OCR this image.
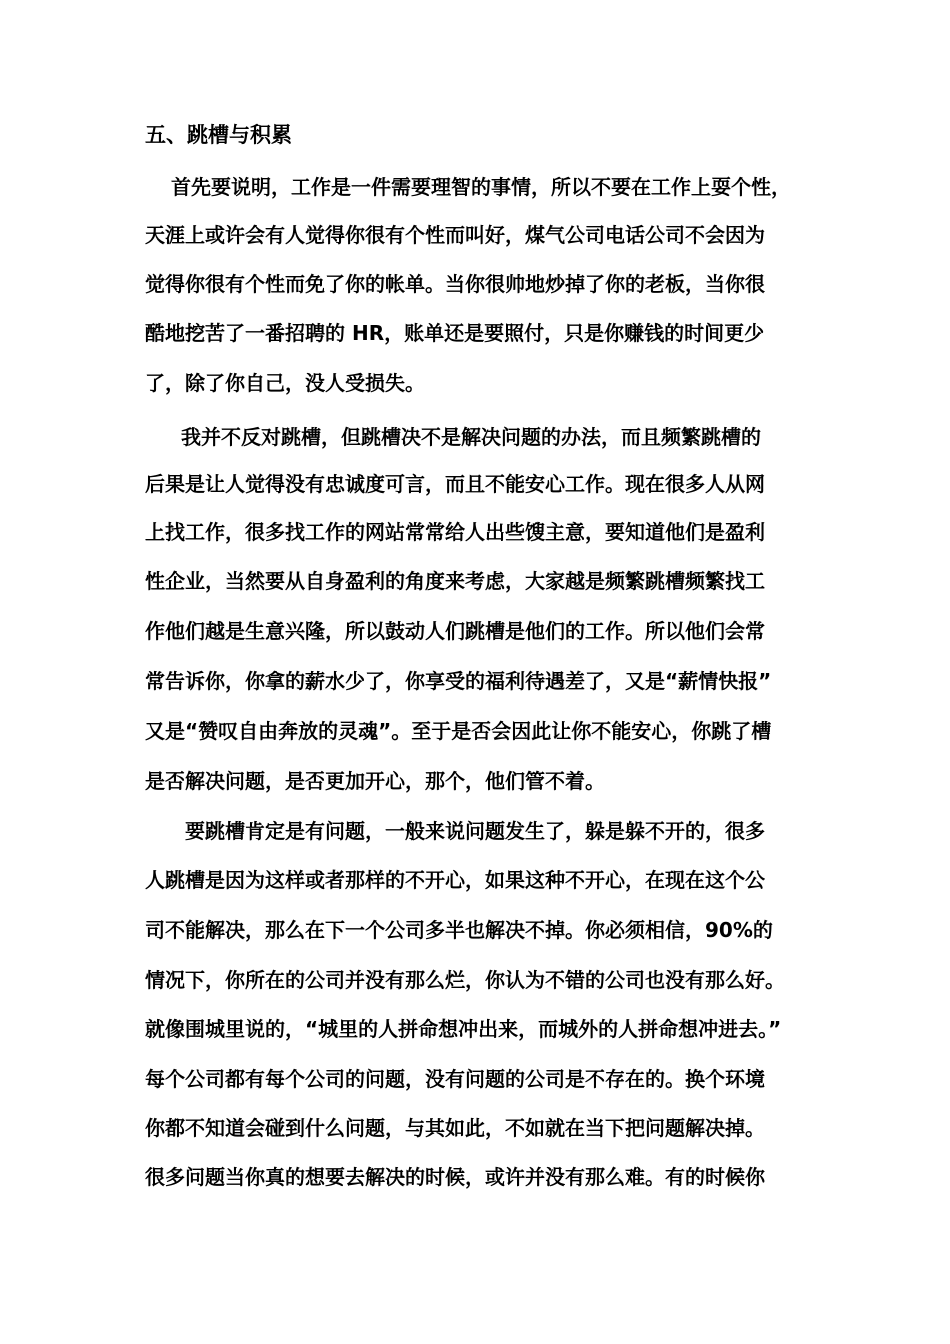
五、跳槽与积累
首先要说明，工作是一件需要理智的事情，所以不要在工作上耍个性，
天涯上或许会有人觉得你很有个性而叫好，煤气公司电话公司不会因为
觉得你很有个性而免了你的帐单。当你很帅地炒掉了你的老板，当你很
酷地挖苦了一番招聘的 HR，账单还是要照付，只是你赚钱的时间更少
了，除了你自己，没人受损失。
我并不反对跳槽，但跳槽决不是解决问题的办法，而且频繁跳槽的
后果是让人觉得没有忠诚度可言，而且不能安心工作。现在很多人从网
上找工作，很多找工作的网站常常给人出些馊主意，要知道他们是盈利
性企业，当然要从自身盈利的角度来考虑，大家越是频繁跳槽频繁找工
作他们越是生意兴隆，所以鼓动人们跳槽是他们的工作。所以他们会常
常告诉你，你拿的薪水少了，你享受的福利待遇差了，又是“薪情快报”
又是“赞叹自由奔放的灵魂”。至于是否会因此让你不能安心，你跳了槽
是否解决问题，是否更加开心，那个，他们管不着。
要跳槽肯定是有问题，一般来说问题发生了，躲是躲不开的，很多
人跳槽是因为这样或者那样的不开心，如果这种不开心，在现在这个公
司不能解决，那么在下一个公司多半也解决不掉。你必须相信，90%的
情况下，你所在的公司并没有那么烂，你认为不错的公司也没有那么好。
就像围城里说的，“城里的人拼命想冲出来，而城外的人拼命想冲进去。”
每个公司都有每个公司的问题，没有问题的公司是不存在的。换个环境
你都不知道会碰到什么问题，与其如此，不如就在当下把问题解决掉。
很多问题当你真的想要去解决的时候，或许并没有那么难。有的时候你
